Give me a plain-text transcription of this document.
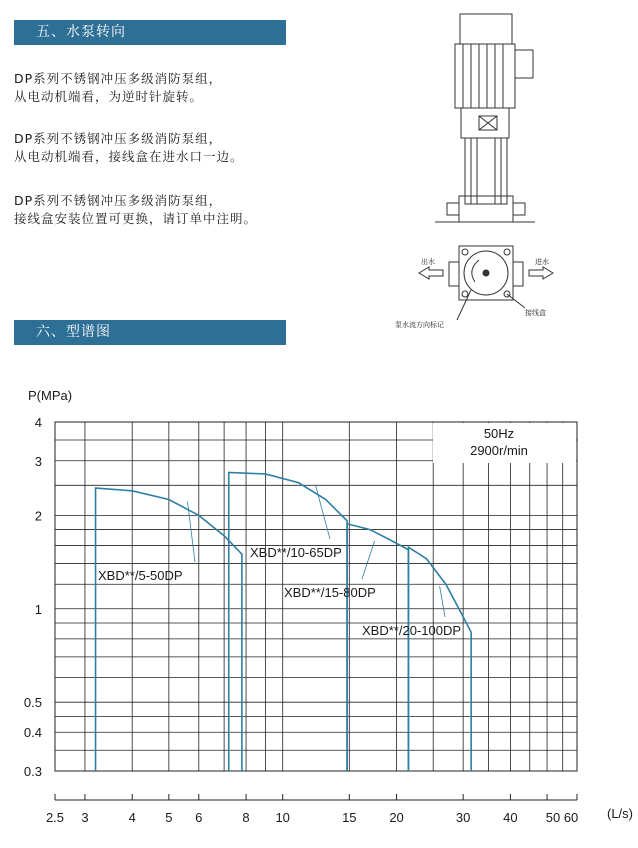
五、水泵转向
DP系列不锈钢冲压多级消防泵组，
从电动机端看，为逆时针旋转。
DP系列不锈钢冲压多级消防泵组，
从电动机端看，接线盒在进水口一边。
DP系列不锈钢冲压多级消防泵组，
接线盒安装位置可更换，请订单中注明。
出水	进水
接线盒
泵水流方向标记
六、型谱图
2.5 3	4 5 6	8 10	15	20	30	40 50 60 (L/s)
4
3
2
1
0.5
0.4
0.3
P(MPa)
50Hz
2900r/min
XBD**/5-50DP
XBD**/10-65DP
XBD**/15-80DP
XBD**/20-100DP
